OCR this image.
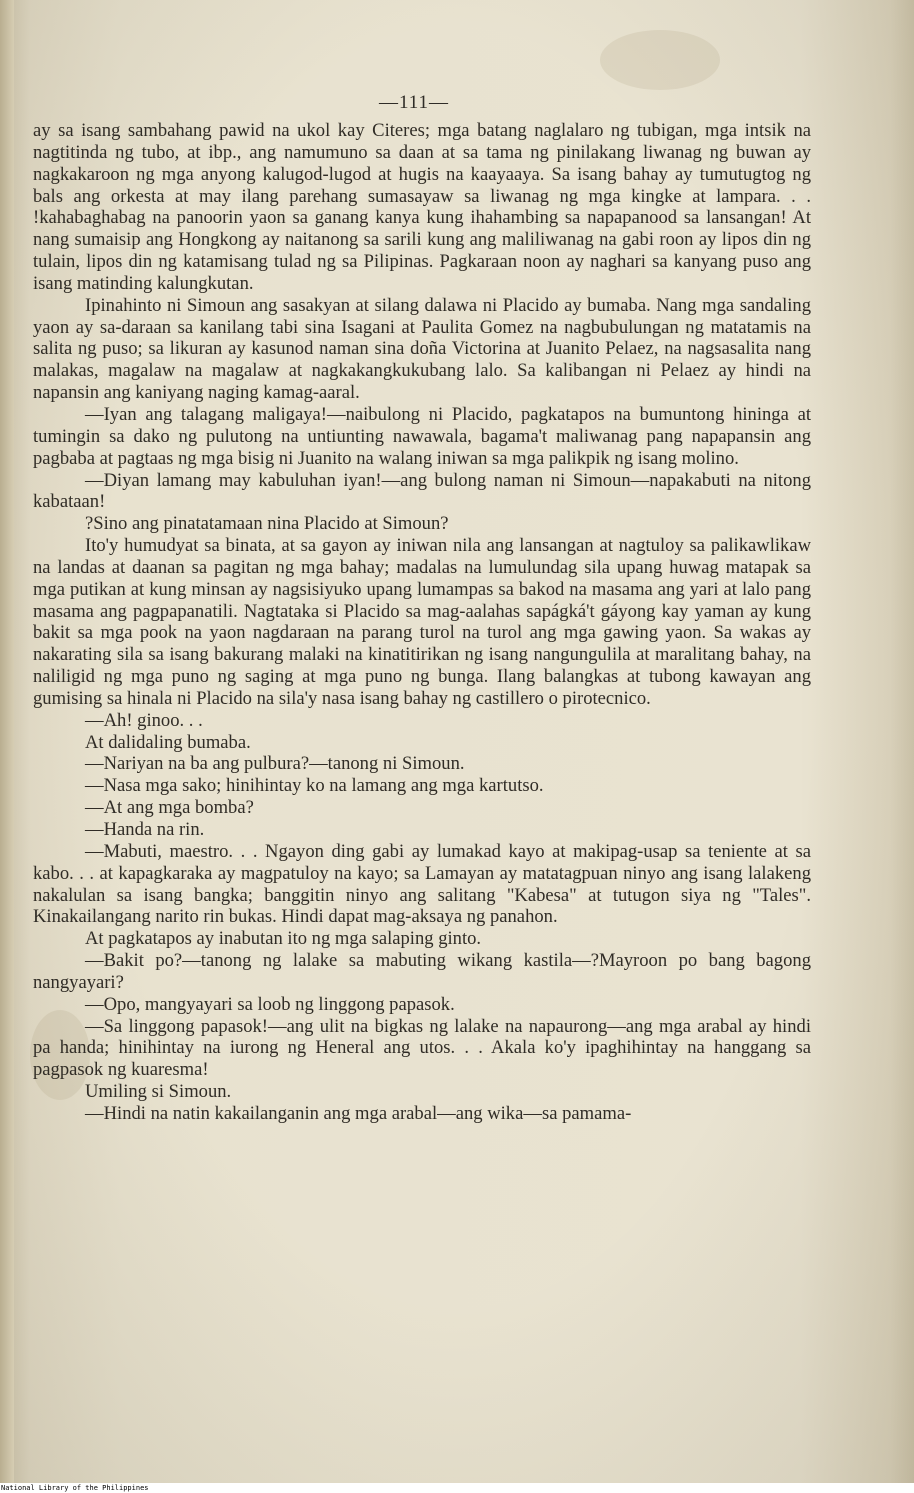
—111—

ay sa isang sambahang pawid na ukol kay Citeres; mga batang naglalaro ng tubigan, mga intsik na nagtitinda ng tubo, at ibp., ang namumuno sa daan at sa tama ng pinilakang liwanag ng buwan ay nagkakaroon ng mga anyong kalugod-lugod at hugis na kaayaaya. Sa isang bahay ay tumutugtog ng bals ang orkesta at may ilang parehang sumasayaw sa liwanag ng mga kingke at lampara. . . !kahabaghabag na panoorin yaon sa ganang kanya kung ihahambing sa napapanood sa lansangan! At nang sumaisip ang Hongkong ay naitanong sa sarili kung ang maliliwanag na gabi roon ay lipos din ng tulain, lipos din ng katamisang tulad ng sa Pilipinas. Pagkaraan noon ay naghari sa kanyang puso ang isang matinding kalungkutan.

Ipinahinto ni Simoun ang sasakyan at silang dalawa ni Placido ay bumaba. Nang mga sandaling yaon ay sa-daraan sa kanilang tabi sina Isagani at Paulita Gomez na nagbubulungan ng matatamis na salita ng puso; sa likuran ay kasunod naman sina doña Victorina at Juanito Pelaez, na nagsasalita nang malakas, magalaw na magalaw at nagkakangkukubang lalo. Sa kalibangan ni Pelaez ay hindi na napansin ang kaniyang naging kamag-aaral.

—Iyan ang talagang maligaya!—naibulong ni Placido, pagkatapos na bumuntong hininga at tumingin sa dako ng pulutong na untiunting nawawala, bagama't maliwanag pang napapansin ang pagbaba at pagtaas ng mga bisig ni Juanito na walang iniwan sa mga palikpik ng isang molino.

—Diyan lamang may kabuluhan iyan!—ang bulong naman ni Simoun—napakabuti na nitong kabataan!

?Sino ang pinatatamaan nina Placido at Simoun?

Ito'y humudyat sa binata, at sa gayon ay iniwan nila ang lansangan at nagtuloy sa palikawlikaw na landas at daanan sa pagitan ng mga bahay; madalas na lumulundag sila upang huwag matapak sa mga putikan at kung minsan ay nagsisiyuko upang lumampas sa bakod na masama ang yari at lalo pang masama ang pagpapanatili. Nagtataka si Placido sa mag-aalahas sapágká't gáyong kay yaman ay kung bakit sa mga pook na yaon nagdaraan na parang turol na turol ang mga gawing yaon. Sa wakas ay nakarating sila sa isang bakurang malaki na kinatitirikan ng isang nangungulila at maralitang bahay, na naliligid ng mga puno ng saging at mga puno ng bunga. Ilang balangkas at tubong kawayan ang gumising sa hinala ni Placido na sila'y nasa isang bahay ng castillero o pirotecnico.

—Ah! ginoo. . .

At dalidaling bumaba.

—Nariyan na ba ang pulbura?—tanong ni Simoun.

—Nasa mga sako; hinihintay ko na lamang ang mga kartutso.

—At ang mga bomba?

—Handa na rin.

—Mabuti, maestro. . . Ngayon ding gabi ay lumakad kayo at makipag-usap sa teniente at sa kabo. . . at kapagkaraka ay magpatuloy na kayo; sa Lamayan ay matatagpuan ninyo ang isang lalakeng nakalulan sa isang bangka; banggitin ninyo ang salitang "Kabesa" at tutugon siya ng "Tales". Kinakailangang narito rin bukas. Hindi dapat mag-aksaya ng panahon.

At pagkatapos ay inabutan ito ng mga salaping ginto.

—Bakit po?—tanong ng lalake sa mabuting wikang kastila—?Mayroon po bang bagong nangyayari?

—Opo, mangyayari sa loob ng linggong papasok.

—Sa linggong papasok!—ang ulit na bigkas ng lalake na napaurong—ang mga arabal ay hindi pa handa; hinihintay na iurong ng Heneral ang utos. . . Akala ko'y ipaghihintay na hanggang sa pagpasok ng kuaresma!

Umiling si Simoun.

—Hindi na natin kakailanganin ang mga arabal—ang wika—sa pamama-

National Library of the Philippines
